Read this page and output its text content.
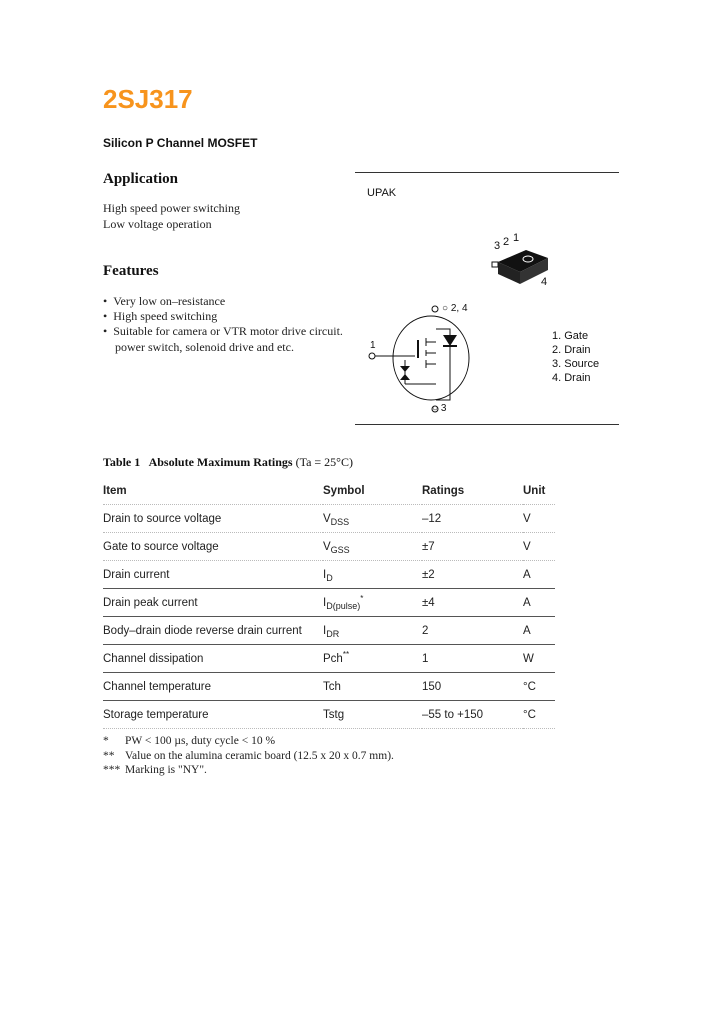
2SJ317
Silicon P Channel MOSFET
Application
High speed power switching
Low voltage operation
Features
•  Very low on–resistance
•  High speed switching
•  Suitable for camera or VTR motor drive circuit.
power switch, solenoid drive and etc.
UPAK
3 2 1
4
○ 2, 4
○ 3
1
1. Gate
2. Drain
3. Source
4. Drain
Table 1   Absolute Maximum Ratings (Ta = 25°C)
Item	Symbol	Ratings	Unit
Drain to source voltage	$V_{DSS}$	–12	V
Gate to source voltage	$V_{GSS}$	±7	V
Drain current	$I_D$	±2	A
Drain peak current	$I_{D(pulse)}^*$	±4	A
Body–drain diode reverse drain current	$I_{DR}$	2	A
Channel dissipation	Pch**	1	W
Channel temperature	Tch	150	°C
Storage temperature	Tstg	–55 to +150	°C
* PW < 100 µs, duty cycle < 10 %
** Value on the alumina ceramic board (12.5 x 20 x 0.7 mm).
*** Marking is "NY".
